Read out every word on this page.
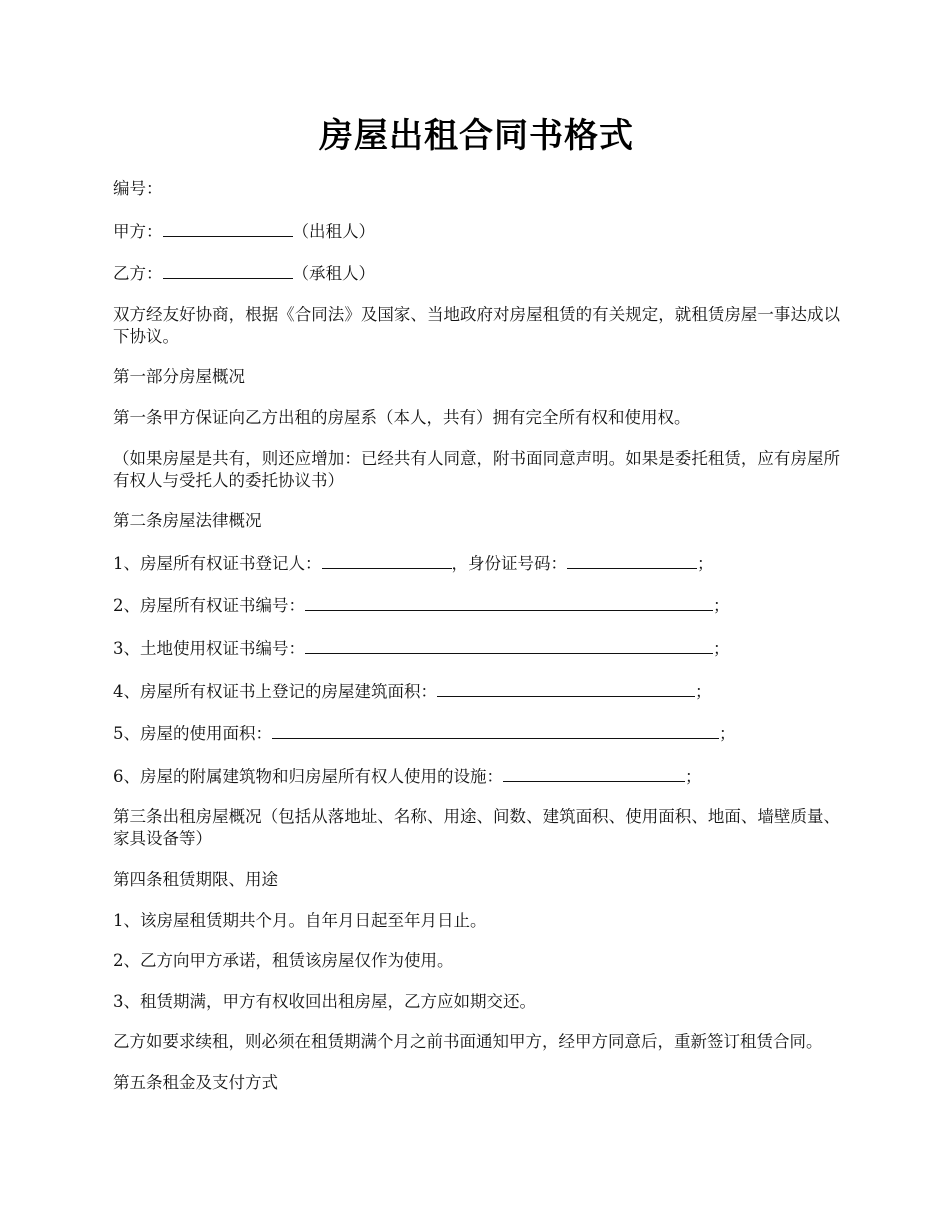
房屋出租合同书格式
编号：
甲方：	（出租人）
乙方：	（承租人）
双方经友好协商，根据《合同法》及国家、当地政府对房屋租赁的有关规定，就租赁房屋一事达成以下协议。
第一部分房屋概况
第一条甲方保证向乙方出租的房屋系（本人，共有）拥有完全所有权和使用权。
（如果房屋是共有，则还应增加：已经共有人同意，附书面同意声明。如果是委托租赁，应有房屋所有权人与受托人的委托协议书）
第二条房屋法律概况
1、房屋所有权证书登记人：	，身份证号码：	；
2、房屋所有权证书编号：	；
3、土地使用权证书编号：	；
4、房屋所有权证书上登记的房屋建筑面积：	；
5、房屋的使用面积：	；
6、房屋的附属建筑物和归房屋所有权人使用的设施：	；
第三条出租房屋概况（包括从落地址、名称、用途、间数、建筑面积、使用面积、地面、墙壁质量、家具设备等）
第四条租赁期限、用途
1、该房屋租赁期共个月。自年月日起至年月日止。
2、乙方向甲方承诺，租赁该房屋仅作为使用。
3、租赁期满，甲方有权收回出租房屋，乙方应如期交还。
乙方如要求续租，则必须在租赁期满个月之前书面通知甲方，经甲方同意后，重新签订租赁合同。
第五条租金及支付方式
